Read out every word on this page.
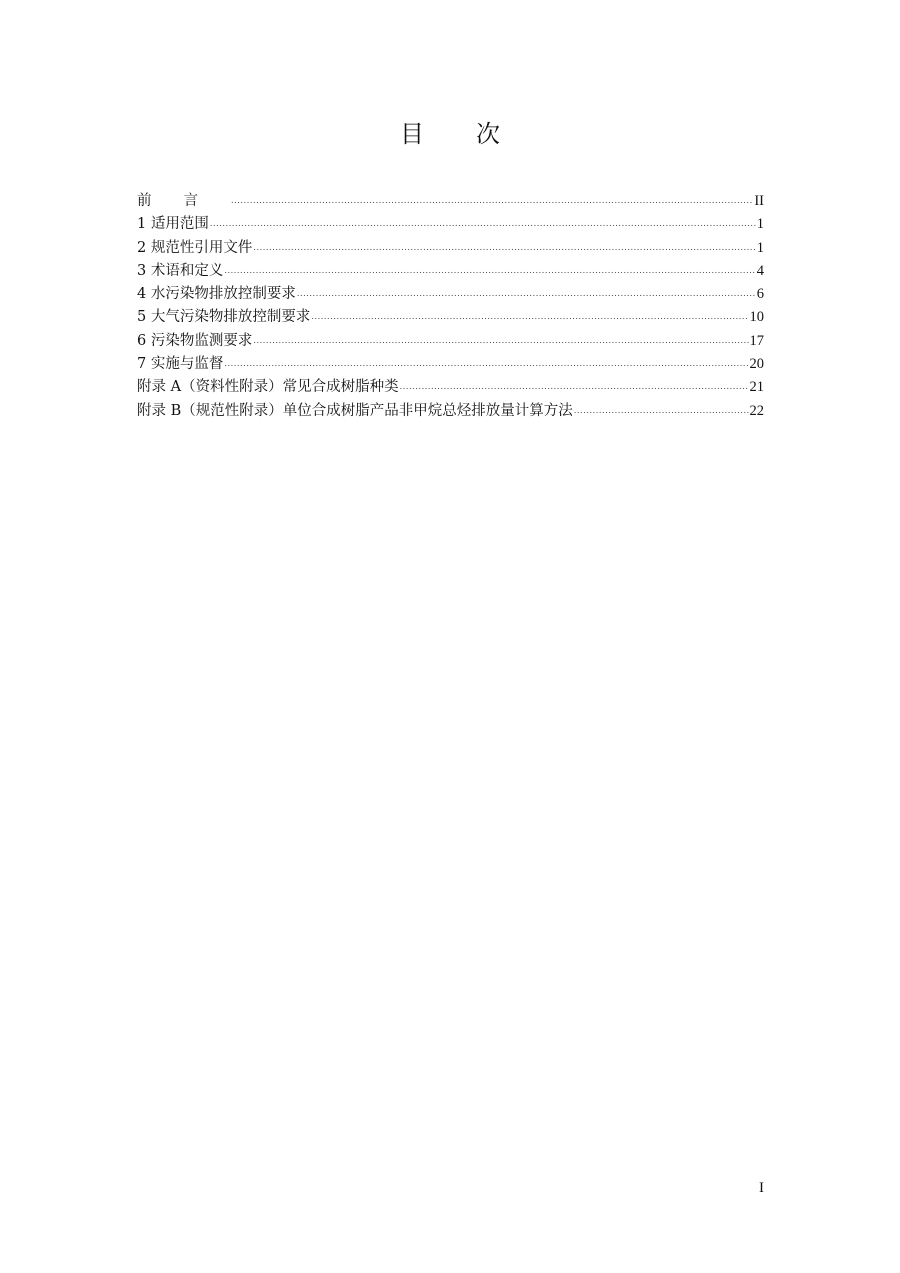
目次
前言 .....	II
1 适用范围 .....	1
2 规范性引用文件 .....	1
3 术语和定义 .....	4
4 水污染物排放控制要求 .....	6
5 大气污染物排放控制要求 .....	10
6 污染物监测要求 .....	17
7 实施与监督 .....	20
附录 A（资料性附录）常见合成树脂种类 .....	21
附录 B（规范性附录）单位合成树脂产品非甲烷总烃排放量计算方法 .....	22
I
